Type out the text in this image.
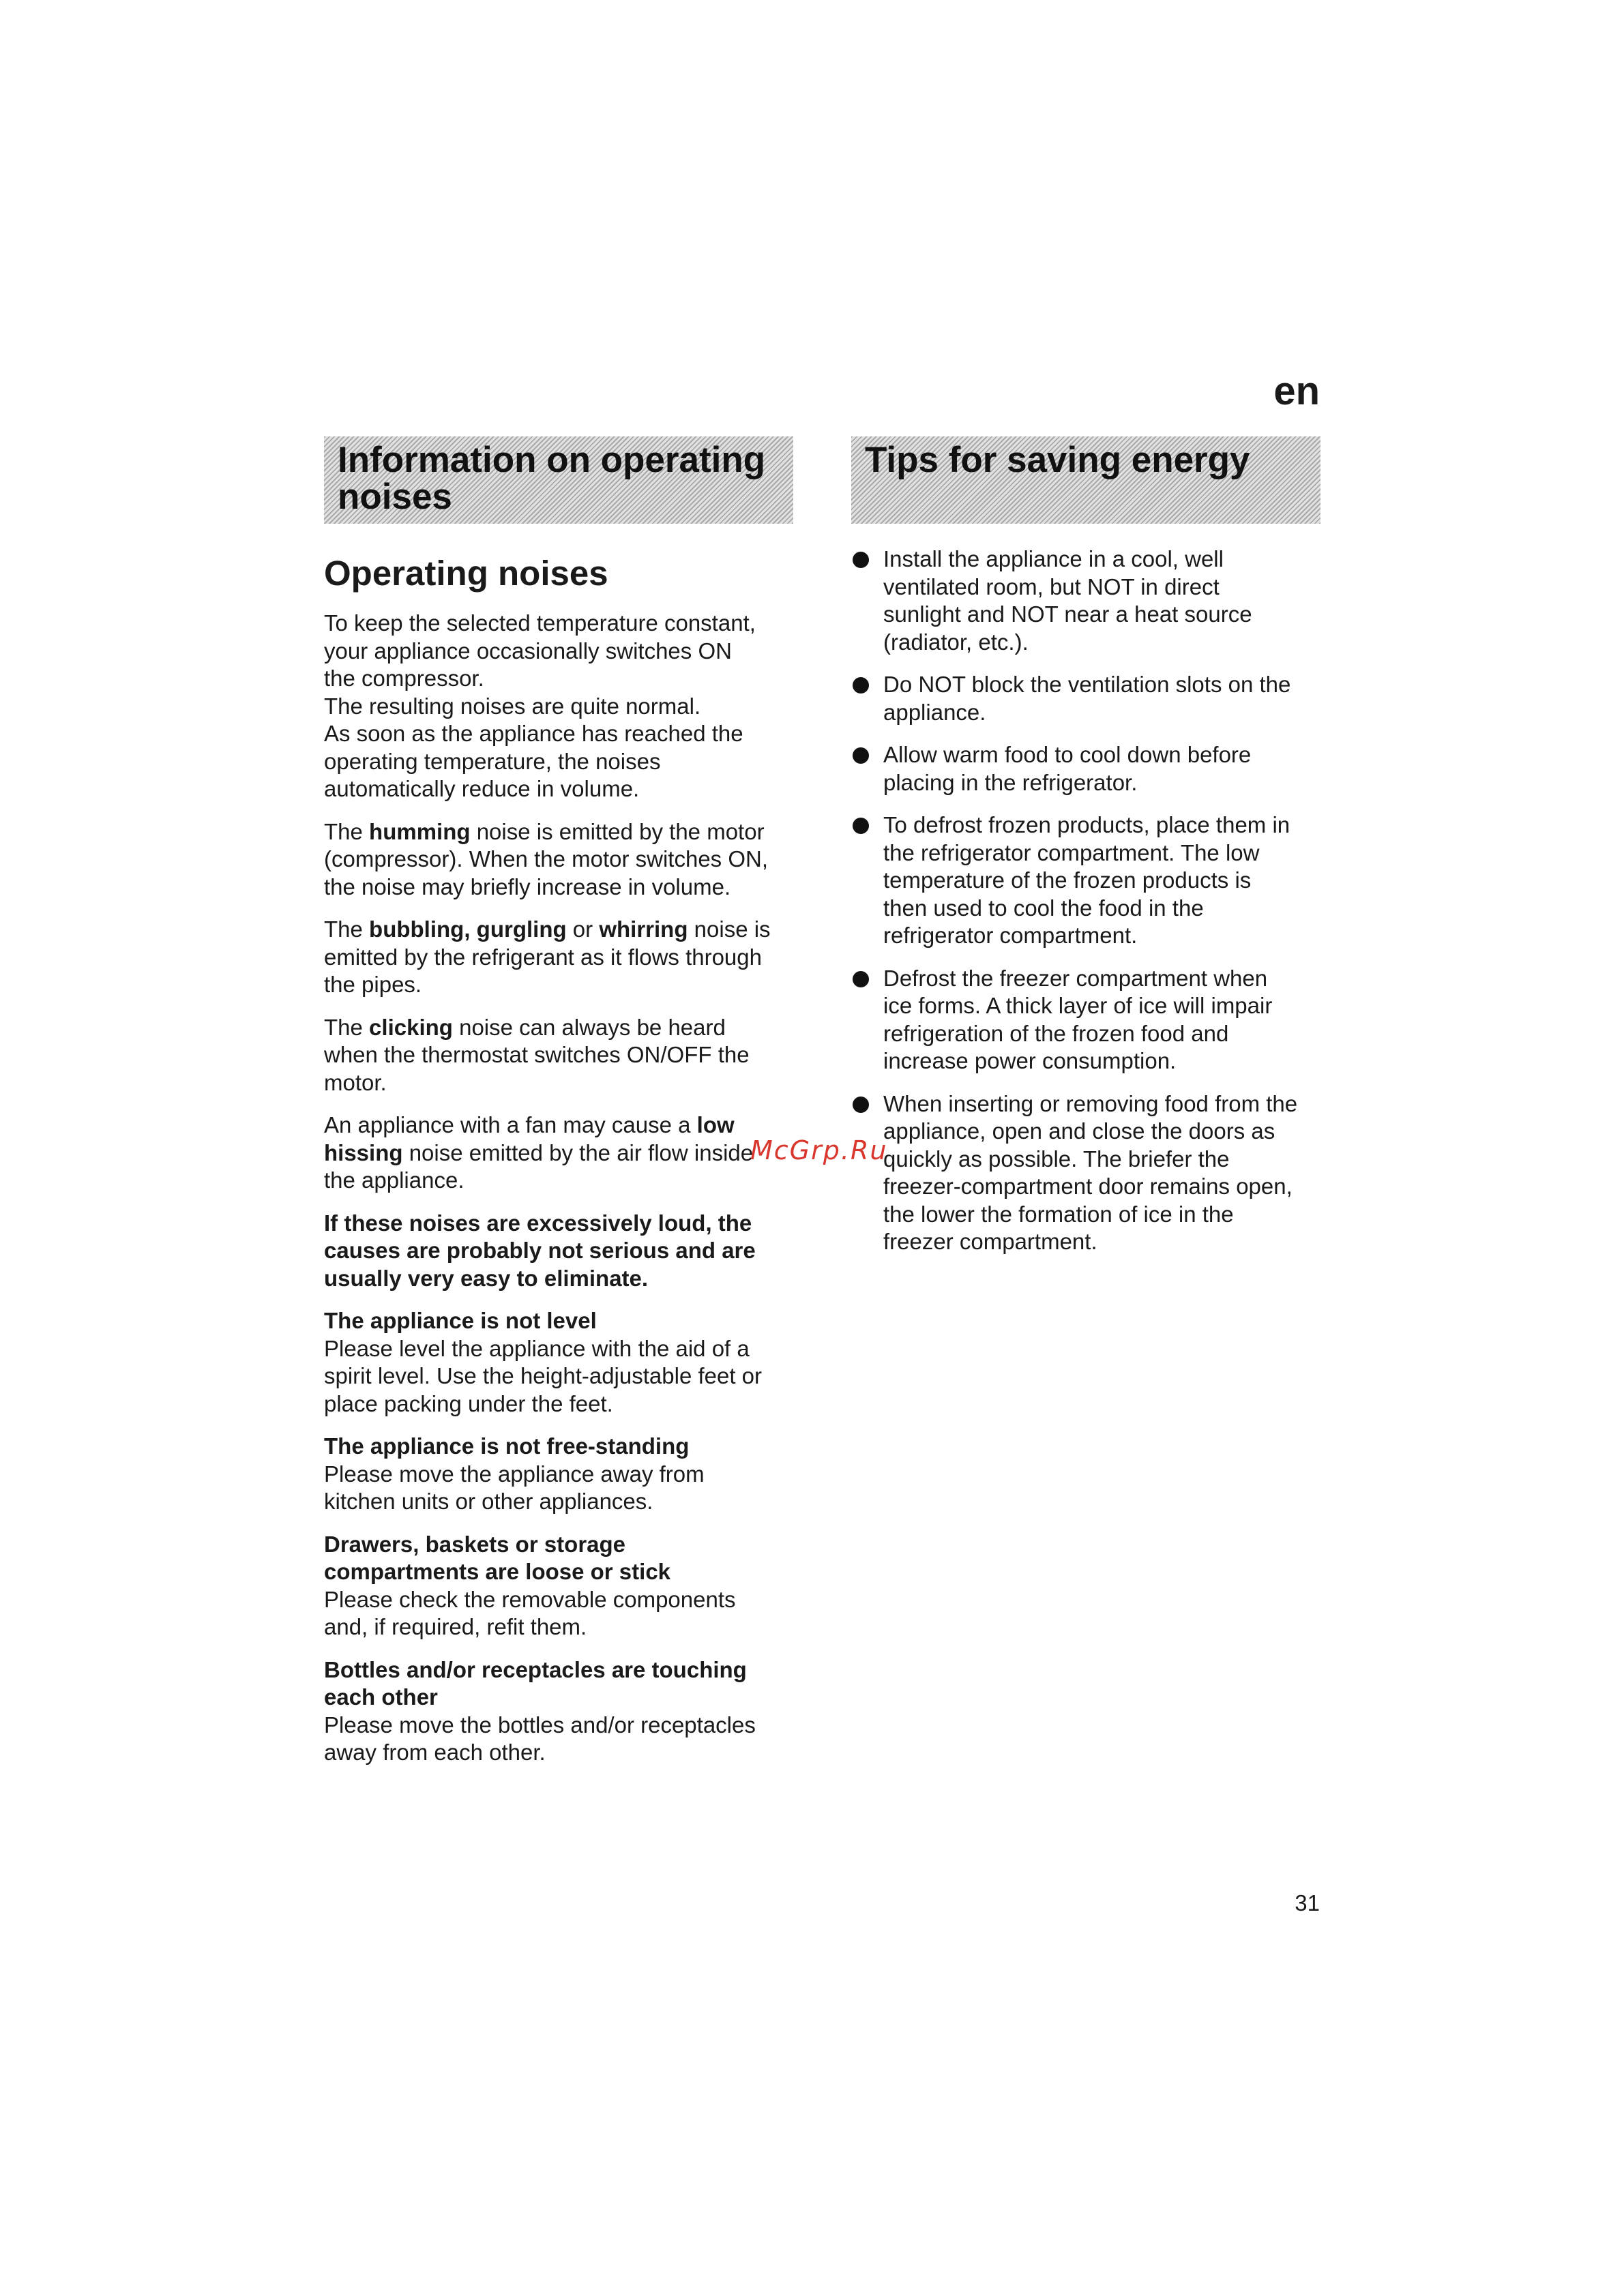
en
Information on operating
noises
Tips for saving energy
Operating noises
To keep the selected temperature constant,
your appliance occasionally switches ON
the compressor.
The resulting noises are quite normal.
As soon as the appliance has reached the
operating temperature, the noises
automatically reduce in volume.
The humming noise is emitted by the motor
(compressor). When the motor switches ON,
the noise may briefly increase in volume.
The bubbling, gurgling or whirring noise is
emitted by the refrigerant as it flows through
the pipes.
The clicking noise can always be heard
when the thermostat switches ON/OFF the
motor.
An appliance with a fan may cause a low
hissing noise emitted by the air flow inside
the appliance.
If these noises are excessively loud, the
causes are probably not serious and are
usually very easy to eliminate.
The appliance is not level
Please level the appliance with the aid of a
spirit level. Use the height-adjustable feet or
place packing under the feet.
The appliance is not free-standing
Please move the appliance away from
kitchen units or other appliances.
Drawers, baskets or storage
compartments are loose or stick
Please check the removable components
and, if required, refit them.
Bottles and/or receptacles are touching
each other
Please move the bottles and/or receptacles
away from each other.
Install the appliance in a cool, well
ventilated room, but NOT in direct
sunlight and NOT near a heat source
(radiator, etc.).
Do NOT block the ventilation slots on the
appliance.
Allow warm food to cool down before
placing in the refrigerator.
To defrost frozen products, place them in
the refrigerator compartment. The low
temperature of the frozen products is
then used to cool the food in the
refrigerator compartment.
Defrost the freezer compartment when
ice forms. A thick layer of ice will impair
refrigeration of the frozen food and
increase power consumption.
When inserting or removing food from the
appliance, open and close the doors as
quickly as possible. The briefer the
freezer-compartment door remains open,
the lower the formation of ice in the
freezer compartment.
McGrp.Ru
31
